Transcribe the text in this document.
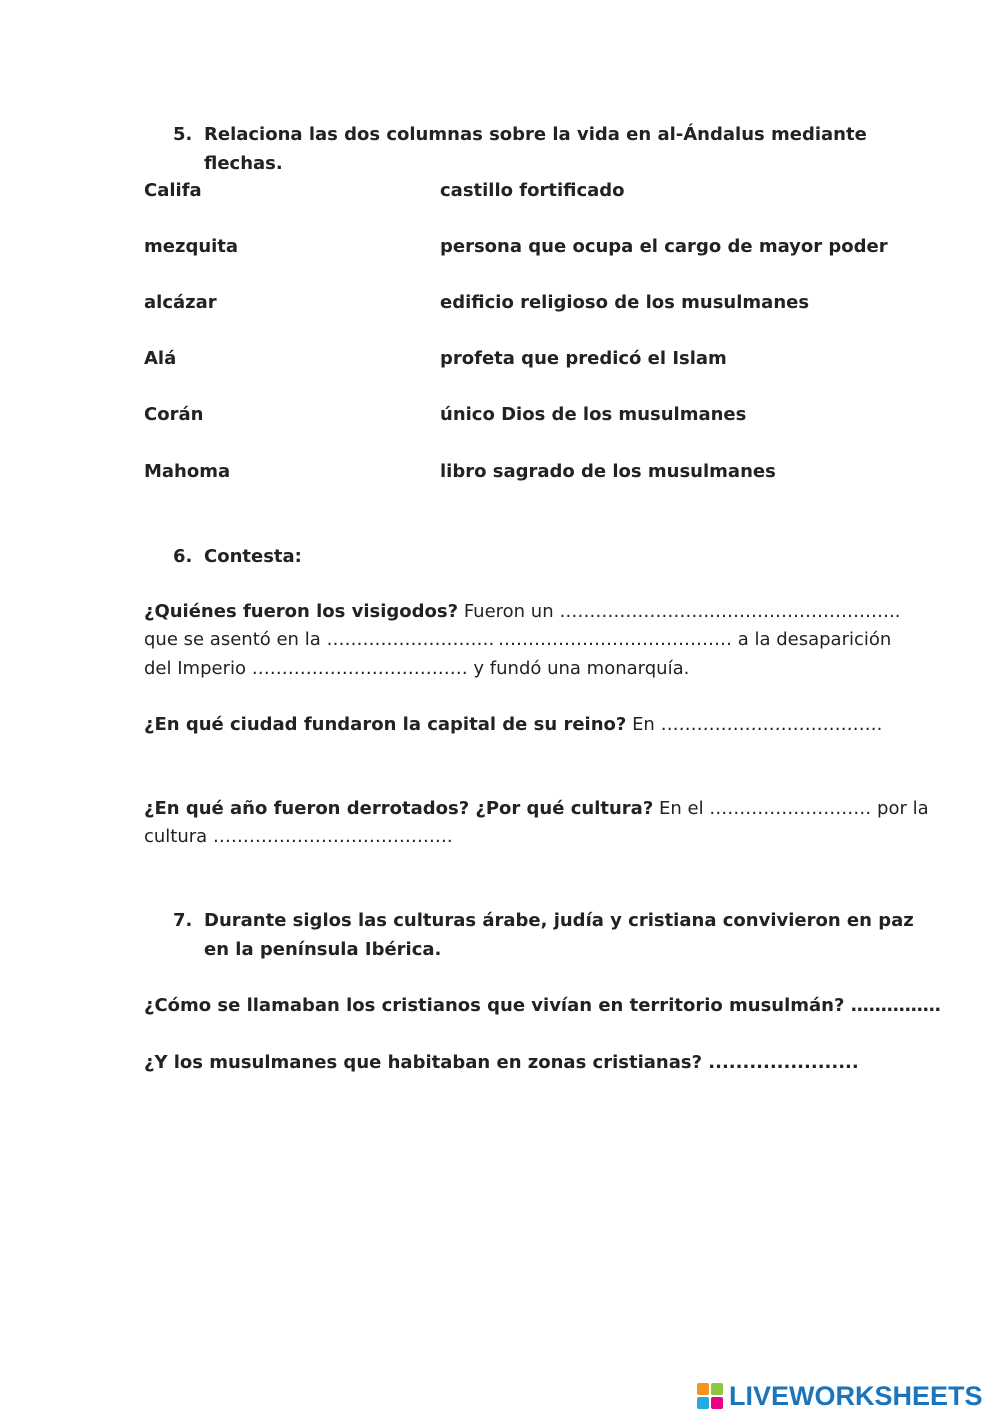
5. Relaciona las dos columnas sobre la vida en al-Ándalus mediante
flechas.
Califa	castillo fortificado
mezquita	persona que ocupa el cargo de mayor poder
alcázar	edificio religioso de los musulmanes
Alá	profeta que predicó el Islam
Corán	único Dios de los musulmanes
Mahoma	libro sagrado de los musulmanes
6. Contesta:
¿Quiénes fueron los visigodos? Fueron un ……………………. …………………………..
que se asentó en la ………………………. ………………………………… a la desaparición
del Imperio ……………………………… y fundó una monarquía.
¿En qué ciudad fundaron la capital de su reino? En ……………………………….
¿En qué año fueron derrotados? ¿Por qué cultura? En el ……………………… por la
cultura ………………………………….
7. Durante siglos las culturas árabe, judía y cristiana convivieron en paz
en la península Ibérica.
¿Cómo se llamaban los cristianos que vivían en territorio musulmán? ……………
¿Y los musulmanes que habitaban en zonas cristianas? ......................
LIVEWORKSHEETS
